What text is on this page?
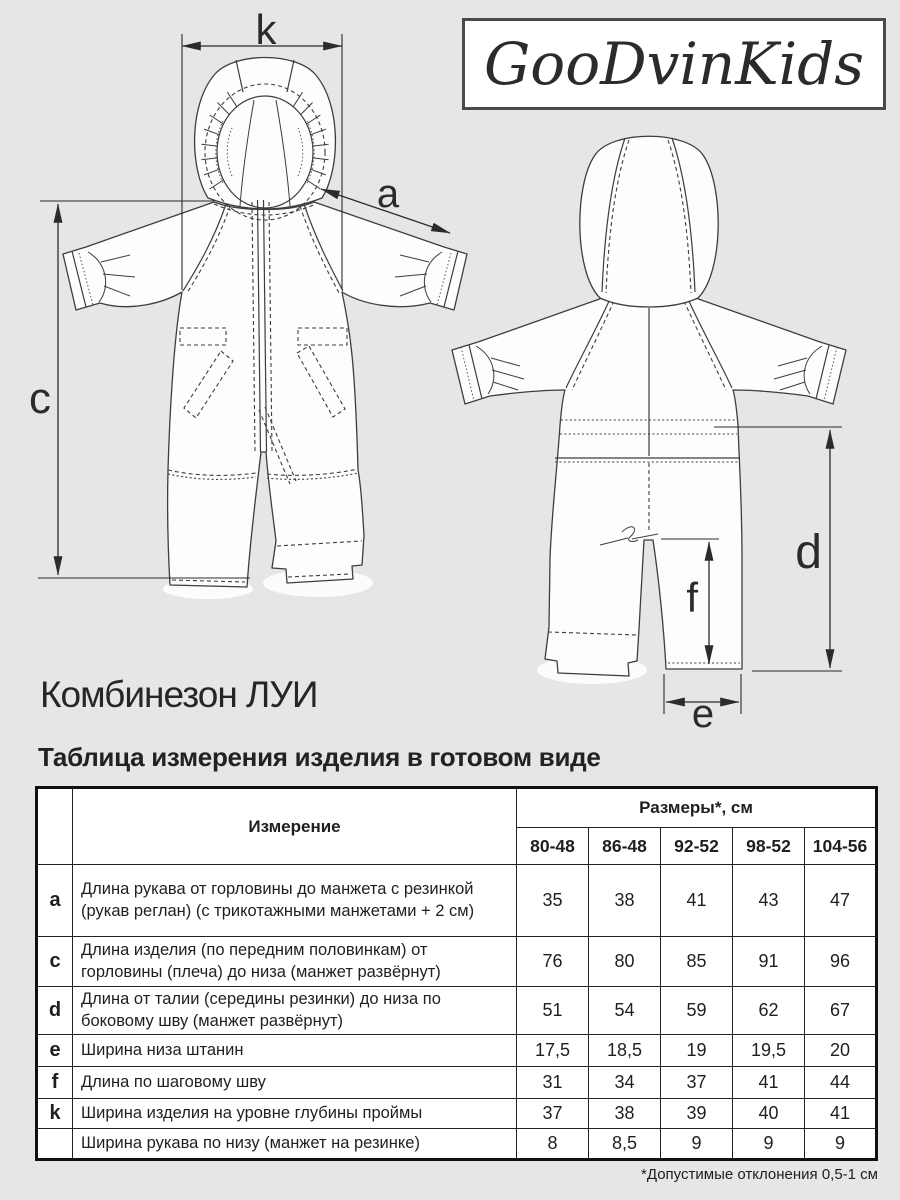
k
a
c
d
f
e
GooDvinKids
Комбинезон ЛУИ
Таблица измерения изделия в готовом виде
	Измерение	Размеры*, см				
		80-48	86-48	92-52	98-52	104-56
a	Длина рукава от горловины до манжета с резинкой (рукав реглан) (с трикотажными манжетами + 2 см)	35	38	41	43	47
c	Длина изделия (по передним половинкам) от горловины (плеча) до низа (манжет развёрнут)	76	80	85	91	96
d	Длина от талии (середины резинки) до низа по боковому шву (манжет развёрнут)	51	54	59	62	67
e	Ширина низа штанин	17,5	18,5	19	19,5	20
f	Длина по шаговому шву	31	34	37	41	44
k	Ширина изделия на уровне глубины проймы	37	38	39	40	41
	Ширина рукава по низу (манжет на резинке)	8	8,5	9	9	9
*Допустимые отклонения 0,5-1 см
